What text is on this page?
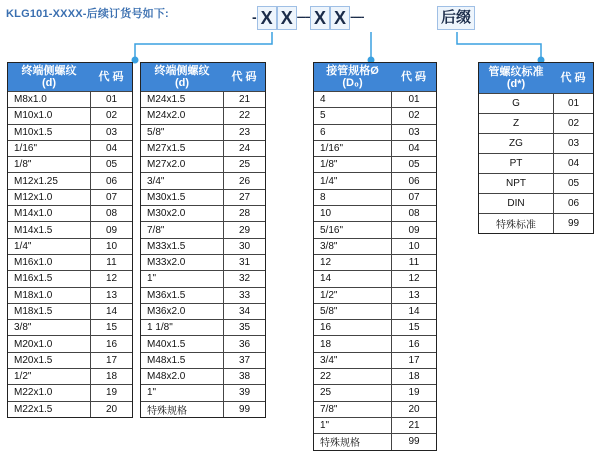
KLG101-XXXX-后续订货号如下:	- X X ----- X X -----	后缀
终端侧螺纹
(d)	代 码
M8x1.0	01
M10x1.0	02
M10x1.5	03
1/16"	04
1/8"	05
M12x1.25	06
M12x1.0	07
M14x1.0	08
M14x1.5	09
1/4"	10
M16x1.0	11
M16x1.5	12
M18x1.0	13
M18x1.5	14
3/8"	15
M20x1.0	16
M20x1.5	17
1/2"	18
M22x1.0	19
M22x1.5	20
终端侧螺纹
(d)	代 码
M24x1.5	21
M24x2.0	22
5/8"	23
M27x1.5	24
M27x2.0	25
3/4"	26
M30x1.5	27
M30x2.0	28
7/8"	29
M33x1.5	30
M33x2.0	31
1"	32
M36x1.5	33
M36x2.0	34
1 1/8"	35
M40x1.5	36
M48x1.5	37
M48x2.0	38
1"	39
特殊规格	99
接管规格Ø
(D₀)	代 码
4	01
5	02
6	03
1/16"	04
1/8"	05
1/4"	06
8	07
10	08
5/16"	09
3/8"	10
12	11
14	12
1/2"	13
5/8"	14
16	15
18	16
3/4"	17
22	18
25	19
7/8"	20
1"	21
特殊规格	99
管螺纹标准
(d*)	代 码
G	01
Z	02
ZG	03
PT	04
NPT	05
DIN	06
特殊标准	99
